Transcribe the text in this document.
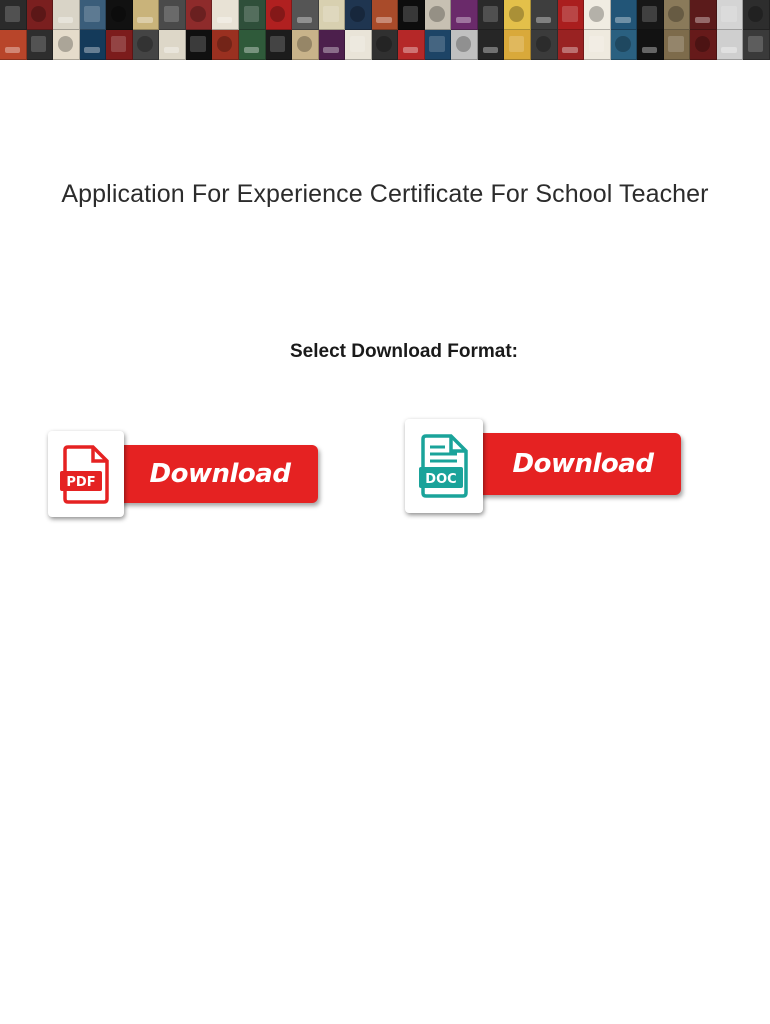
Application For Experience Certificate For School Teacher
Select Download Format:
Download
PDF
Download
DOC
